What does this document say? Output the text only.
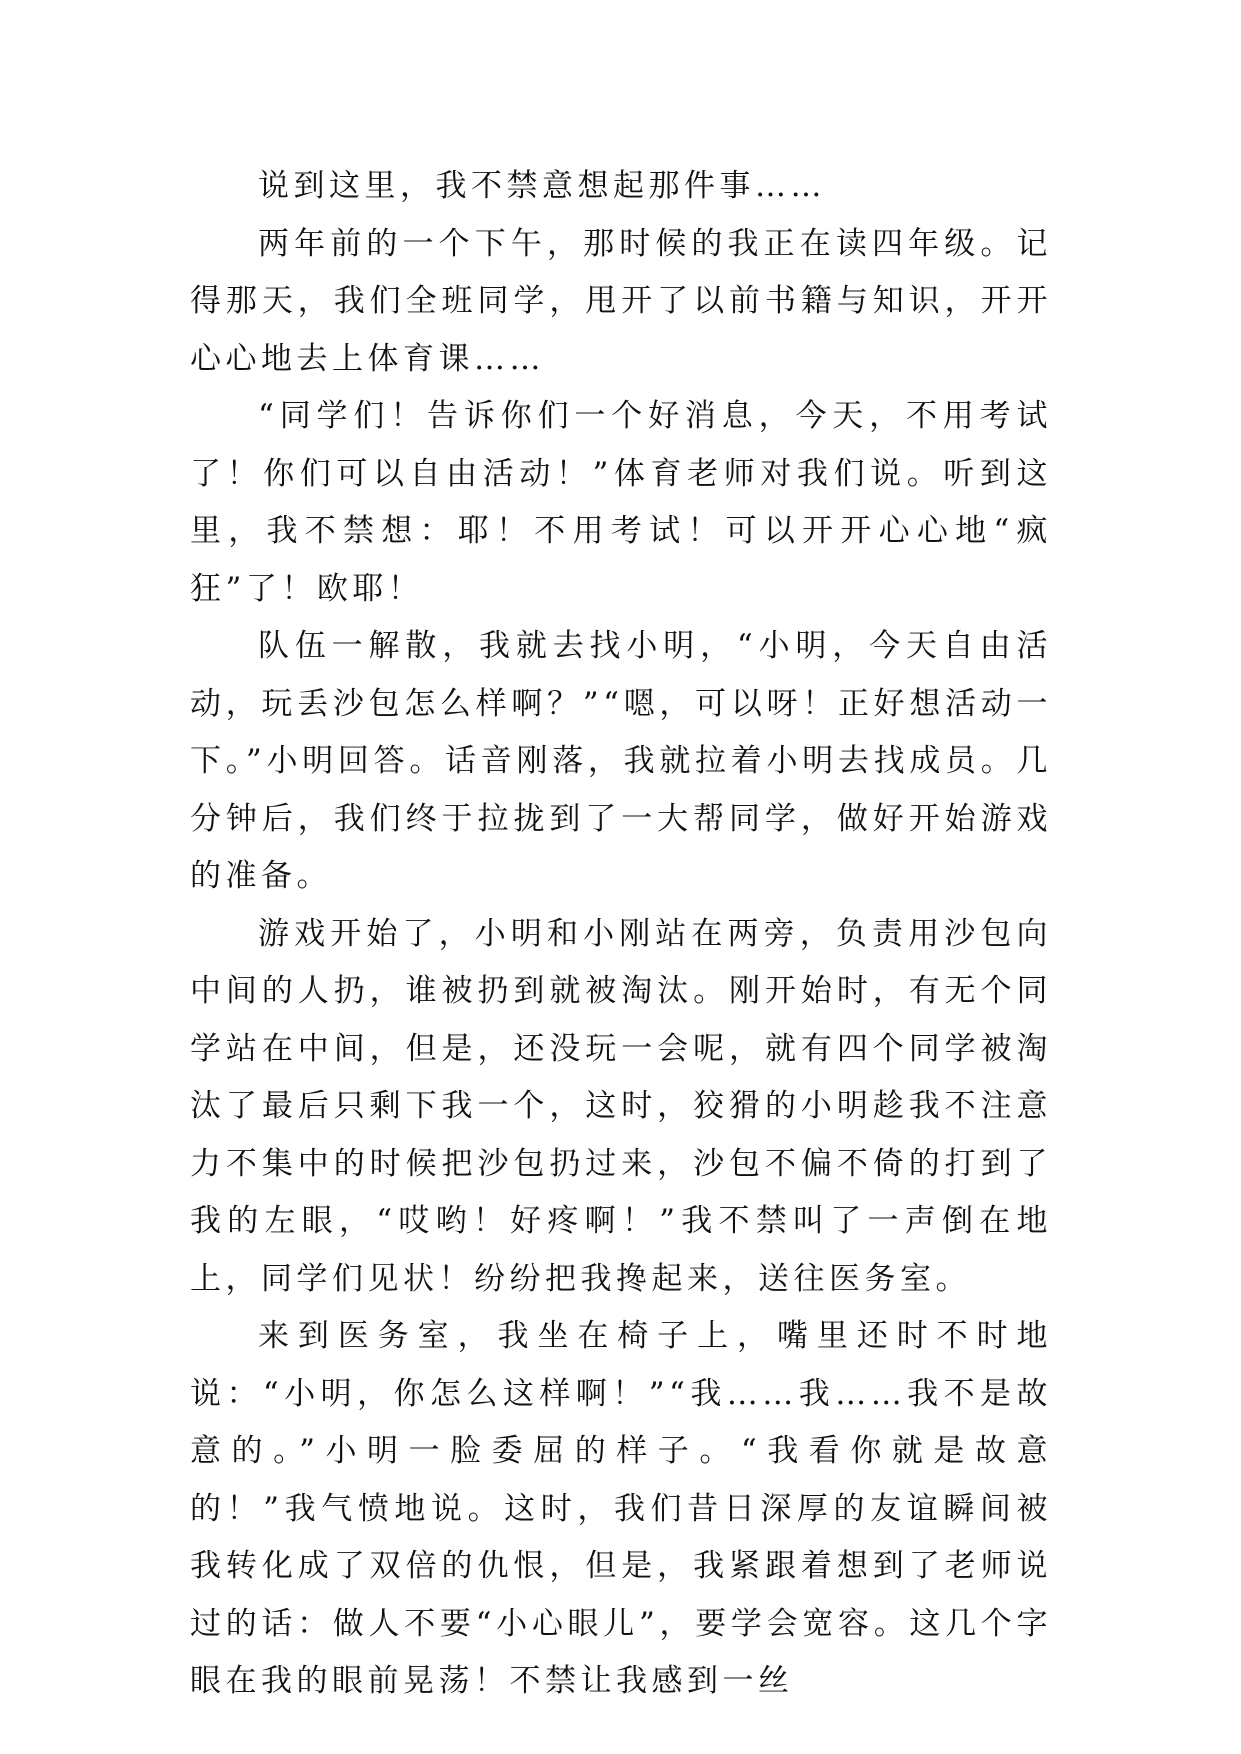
说到这里，我不禁意想起那件事……

两年前的一个下午，那时候的我正在读四年级。记得那天，我们全班同学，甩开了以前书籍与知识，开开心心地去上体育课……

“同学们！告诉你们一个好消息，今天，不用考试了！你们可以自由活动！”体育老师对我们说。听到这里，我不禁想：耶！不用考试！可以开开心心地“疯狂”了！欧耶！

队伍一解散，我就去找小明，“小明，今天自由活动，玩丢沙包怎么样啊？”“嗯，可以呀！正好想活动一下。”小明回答。话音刚落，我就拉着小明去找成员。几分钟后，我们终于拉拢到了一大帮同学，做好开始游戏的准备。

游戏开始了，小明和小刚站在两旁，负责用沙包向中间的人扔，谁被扔到就被淘汰。刚开始时，有无个同学站在中间，但是，还没玩一会呢，就有四个同学被淘汰了最后只剩下我一个，这时，狡猾的小明趁我不注意力不集中的时候把沙包扔过来，沙包不偏不倚的打到了我的左眼，“哎哟！好疼啊！”我不禁叫了一声倒在地上，同学们见状！纷纷把我搀起来，送往医务室。

来到医务室，我坐在椅子上，嘴里还时不时地说：“小明，你怎么这样啊！”“我……我……我不是故意的。”小明一脸委屈的样子。“我看你就是故意的！”我气愤地说。这时，我们昔日深厚的友谊瞬间被我转化成了双倍的仇恨，但是，我紧跟着想到了老师说过的话：做人不要“小心眼儿”，要学会宽容。这几个字眼在我的眼前晃荡！不禁让我感到一丝
